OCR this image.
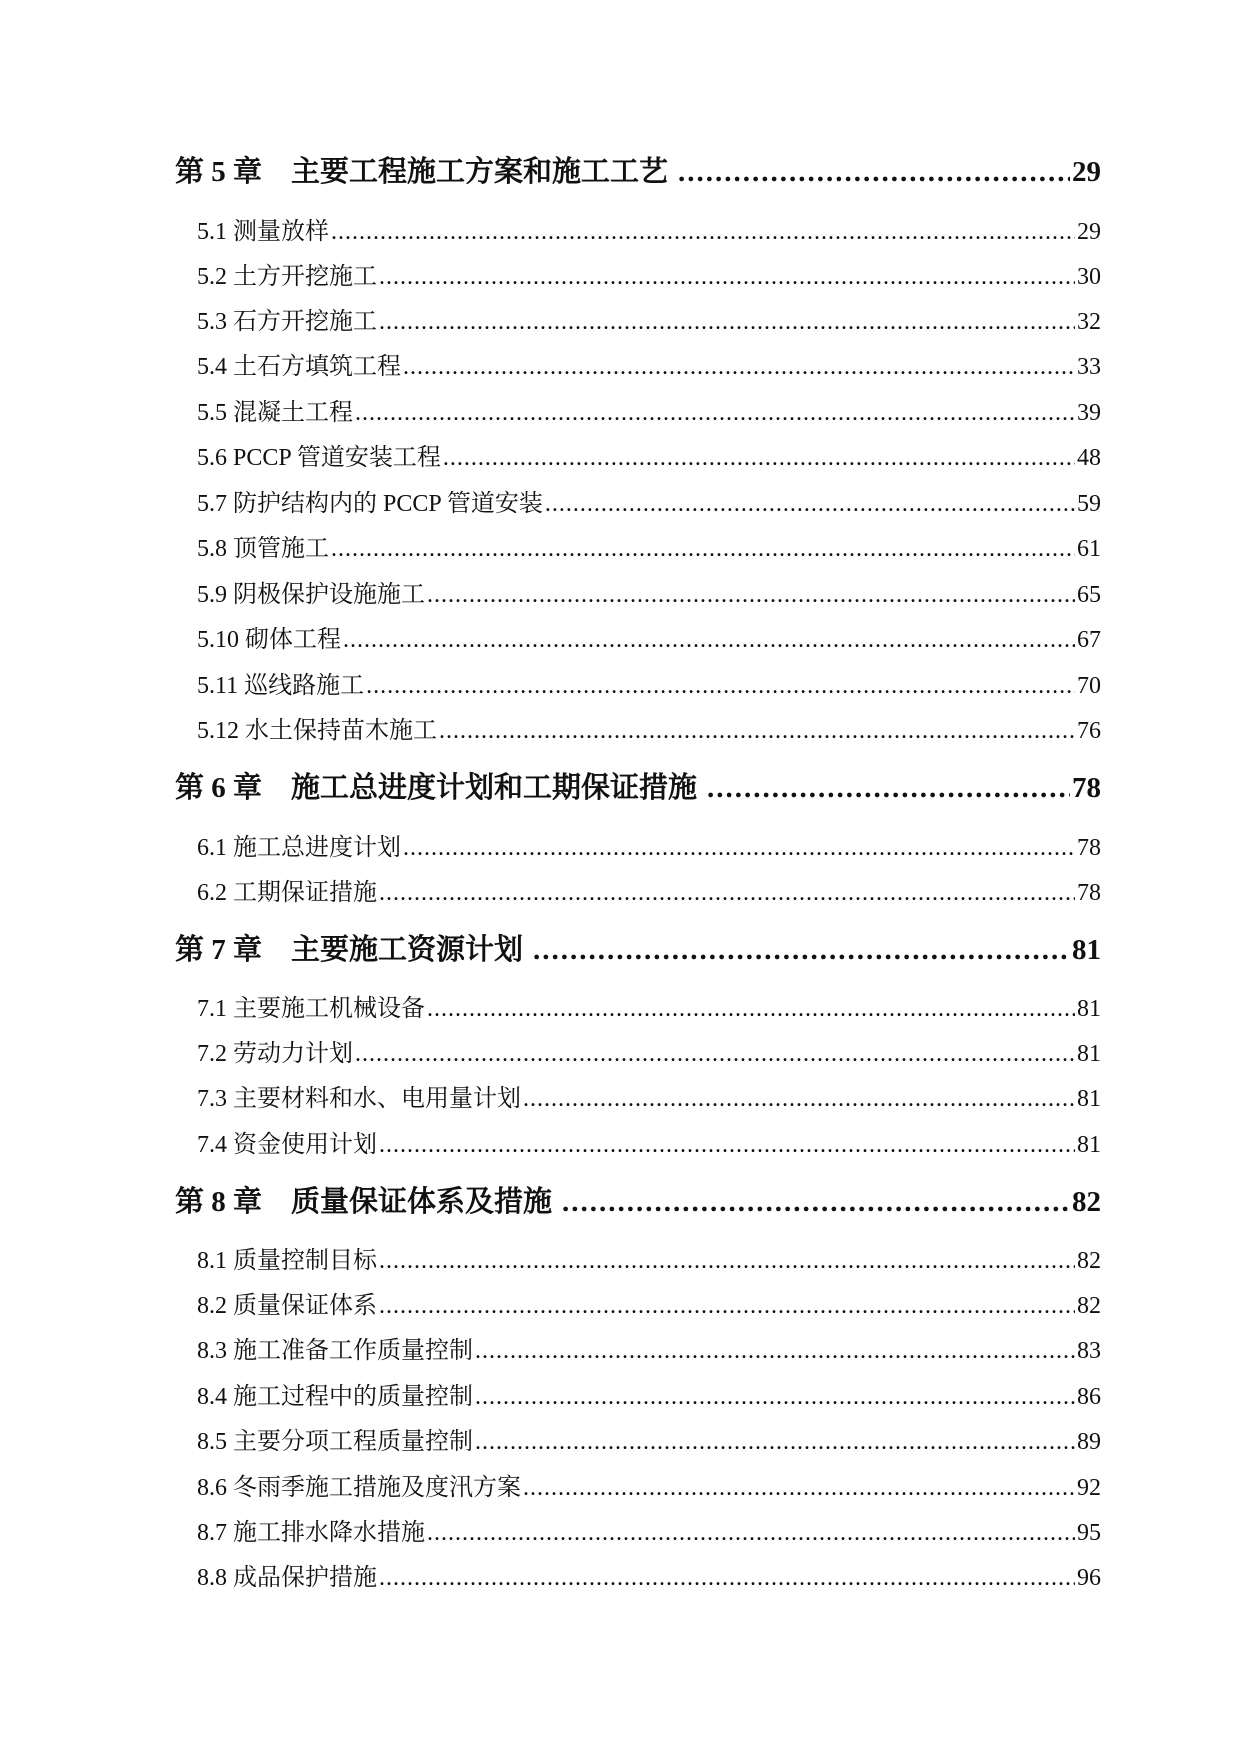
第 5 章　主要工程施工方案和施工工艺 .....	29
5.1 测量放样 .....	29
5.2 土方开挖施工 .....	30
5.3 石方开挖施工 .....	32
5.4 土石方填筑工程 .....	33
5.5 混凝土工程 .....	39
5.6 PCCP 管道安装工程 .....	48
5.7 防护结构内的 PCCP 管道安装 .....	59
5.8 顶管施工 .....	61
5.9 阴极保护设施施工 .....	65
5.10 砌体工程 .....	67
5.11 巡线路施工 .....	70
5.12 水土保持苗木施工 .....	76
第 6 章　施工总进度计划和工期保证措施 .....	78
6.1 施工总进度计划 .....	78
6.2 工期保证措施 .....	78
第 7 章　主要施工资源计划 .....	81
7.1 主要施工机械设备 .....	81
7.2 劳动力计划 .....	81
7.3 主要材料和水、电用量计划 .....	81
7.4 资金使用计划 .....	81
第 8 章　质量保证体系及措施 .....	82
8.1 质量控制目标 .....	82
8.2 质量保证体系 .....	82
8.3 施工准备工作质量控制 .....	83
8.4 施工过程中的质量控制 .....	86
8.5 主要分项工程质量控制 .....	89
8.6 冬雨季施工措施及度汛方案 .....	92
8.7 施工排水降水措施 .....	95
8.8 成品保护措施 .....	96
